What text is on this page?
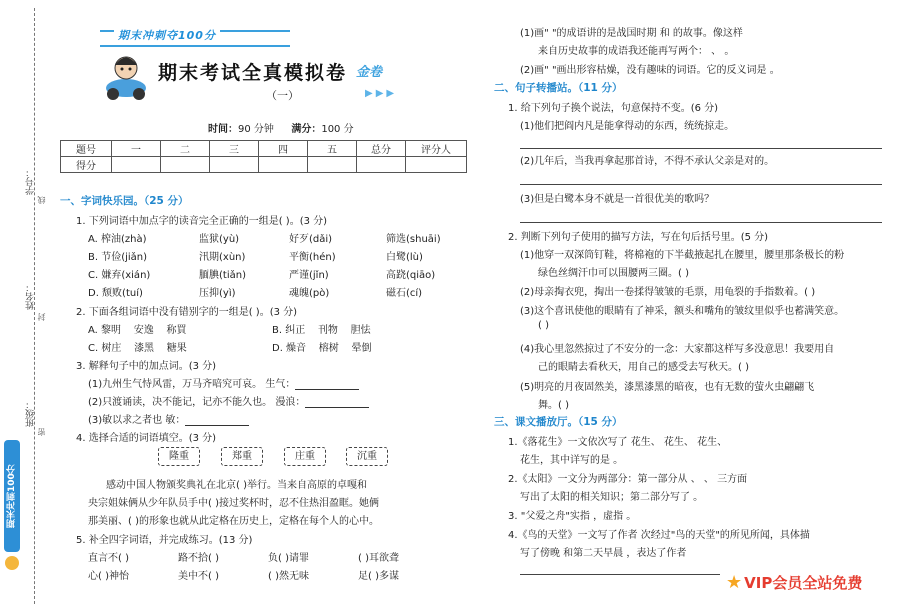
学号：
姓名：
班级：
线
封
密
期末冲刺100分
期末冲刺夺100分
期末考试全真模拟卷 金卷
（一）	▶▶▶
时间：90 分钟 满分：100 分
题号	一	二	三	四	五	总分	评分人
得分							
一、字词快乐园。（25 分）
1. 下列词语中加点字的读音完全正确的一组是( )。(3 分)
A. 榨油(zhà)	监狱(yù)	好歹(dǎi)	筛选(shuāi)
B. 节俭(jiǎn)	汛期(xùn)	平衡(hén)	白鹭(lù)
C. 嫌弃(xián)	腼腆(tiǎn)	严谨(jǐn)	高跷(qiāo)
D. 颓败(tuí)	压抑(yì)	魂魄(pò)	磁石(cí)
2. 下面各组词语中没有错别字的一组是( )。(3 分)
A. 黎明 安逸 称買	B. 纠正 刊物 胆怯
C. 树庄 漆黑 糖果	D. 燥音 榕树 晕倒
3. 解释句子中的加点词。(3 分)
(1)九州生气恃风雷，万马齐喑究可哀。 生气：
(2)只渡诵读，决不能记，记亦不能久也。 漫浪：
(3)敏以求之者也 敏：
4. 选择合适的词语填空。(3 分)
隆重	郑重	庄重	沉重
感动中国人物颁奖典礼在北京( )举行。当来自高原的卓嘎和
央宗姐妹俩从少年队员手中( )接过奖杯时，忍不住热泪盈眶。她俩
那美丽、( )的形象也就从此定格在历史上，定格在每个人的心中。
5. 补全四字词语，并完成练习。(13 分)
直言不( )	路不拾( )	负( )请罪	( )耳欲聋
心( )神怡	美中不( )	( )然无味	足( )多谋
(1)画" "的成语讲的是战国时期 和 的故事。像这样
来自历史故事的成语我还能再写两个： 、 。
(2)画" "画出形容枯燥，没有趣味的词语。它的反义词是 。
二、句子转播站。（11 分）
1. 给下列句子换个说法，句意保持不变。(6 分)
(1)他们把阎内凡是能拿得动的东西，统统掠走。
(2)几年后，当我再拿起那首诗，不得不承认父亲是对的。
(3)但是白鹭本身不就是一首很优美的歌吗？
2. 判断下列句子使用的描写方法，写在句后括号里。(5 分)
(1)他穿一双深筒钉鞋，将棉袍的下半截掖起扎在腰里，腰里那条极长的粉
绿色丝绸汗巾可以围腰两三圈。( )
(2)母亲掏衣兜，掏出一卷揉得皱皱的毛票，用龟裂的手指数着。( )
(3)这个喜讯使他的眼睛有了神采，额头和嘴角的皱纹里似乎也蓄满笑意。
( )
(4)我心里忽然掠过了不安分的一念：大家都这样写多没意思！我要用自
己的眼睛去看秋天，用自己的感受去写秋天。( )
(5)明亮的月夜固然美，漆黑漆黑的暗夜，也有无数的萤火虫翩翩飞
舞。( )
三、课文播放厅。（15 分）
1.《落花生》一文依次写了 花生、 花生、 花生、
花生，其中详写的是 。
2.《太阳》一文分为两部分：第一部分从 、 、 三方面
写出了太阳的相关知识；第二部分写了 。
3. "父爱之舟"实指 ，虚指 。
4.《鸟的天堂》一文写了作者 次经过"鸟的天堂"的所见所闻，具体描
写了傍晚 和第二天早晨 ，表达了作者
★ VIP会员全站免费
